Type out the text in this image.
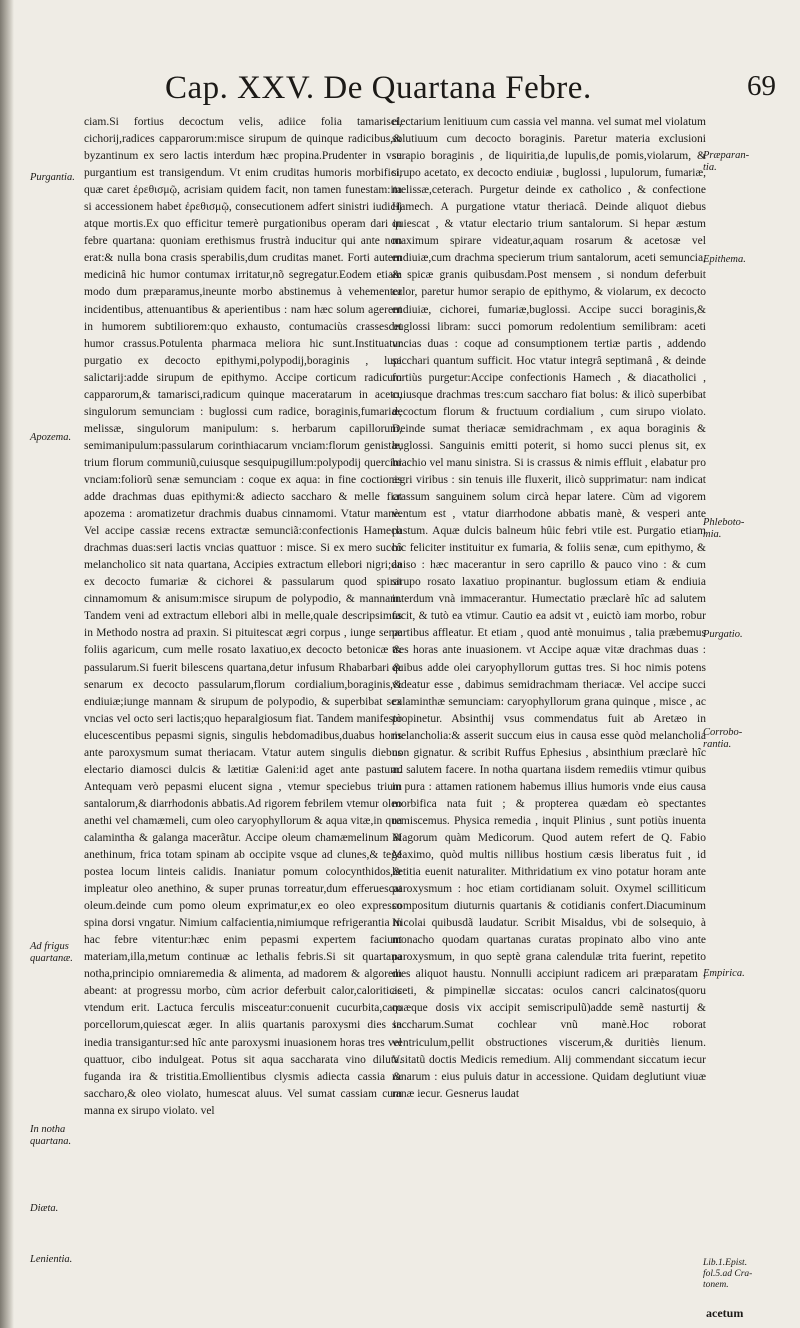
Cap. XXV. De Quartana Febre.	69

ciam.Si fortius decoctum velis, adiice folia tamarisci, cichorij,radices capparorum:misce sirupum de quinque radicibus,& byzantinum ex sero lactis interdum hæc propina.Prudenter in vsu purgantium est transigendum. Vt enim cruditas humoris morbifici, quæ caret ἐρεθισμῷ, acrisiam quidem facit, non tamen funestam:ita si accessionem habet ἐρεθισμῷ, consecutionem adfert sinistri iudicij atque mortis.Ex quo efficitur temerè purgationibus operam dari in febre quartana: quoniam erethismus frustrà inducitur qui ante non erat:& nulla bona crasis sperabilis,dum cruditas manet. Forti autem medicinâ hic humor contumax irritatur,nõ segregatur.Eodem etiam modo dum præparamus,ineunte morbo abstinemus à vehementer incidentibus, attenuantibus & aperientibus : nam hæc solum agerent in humorem subtiliorem:quo exhausto, contumaciùs crassescet humor crassus.Potulenta pharmaca meliora hic sunt.Instituatur purgatio ex decocto epithymi,polypodij,boraginis , lupi salictarij:adde sirupum de epithymo. Accipe corticum radicum capparorum,& tamarisci,radicum quinque maceratarum in aceto, singulorum semunciam : buglossi cum radice, boraginis,fumariæ, melissæ, singulorum manipulum: s. herbarum capillorum, semimanipulum:passularum corinthiacarum vnciam:florum genistæ, trium florum communiũ,cuiusque sesquipugillum:polypodij quercini vnciam:foliorũ senæ semunciam : coque ex aqua: in fine coctionis adde drachmas duas epithymi:& adiecto saccharo & melle fiat apozema : aromatizetur drachmis duabus cinnamomi. Vtatur manè. Vel accipe cassiæ recens extractæ semunciã:confectionis Hamech drachmas duas:seri lactis vncias quattuor : misce. Si ex mero succo melancholico sit nata quartana, Accipies extractum ellebori nigri;da ex decocto fumariæ & cichorei & passularum quod spirat cinnamomum & anisum:misce sirupum de polypodio, & mannam. Tandem veni ad extractum ellebori albi in melle,quale descripsimus in Methodo nostra ad praxin. Si pituitescat ægri corpus , iunge senæ foliis agaricum, cum melle rosato laxatiuo,ex decocto betonicæ & passularum.Si fuerit bilescens quartana,detur infusum Rhabarbari & senarum ex decocto passularum,florum cordialium,boraginis,& endiuiæ;iunge mannam & sirupum de polypodio, & superbibat sex vncias vel octo seri lactis;quo heparalgiosum fiat. Tandem manifestò elucescentibus pepasmi signis, singulis hebdomadibus,duabus horis ante paroxysmum sumat theriacam. Vtatur autem singulis diebus electario diamosci dulcis & lætitiæ Galeni:id aget ante pastum. Antequam verò pepasmi elucent signa , vtemur speciebus trium santalorum,& diarrhodonis abbatis.Ad rigorem febrilem vtemur oleo anethi vel chamæmeli, cum oleo caryophyllorum & aqua vitæ,in qua calamintha & galanga macerãtur. Accipe oleum chamæmelinum & anethinum, frica totam spinam ab occipite vsque ad clunes,& tege postea locum linteis calidis. Inaniatur pomum colocynthidos,& impleatur oleo anethino, & super prunas torreatur,dum efferuescat oleum.deinde cum pomo oleum exprimatur,ex eo oleo expresso spina dorsi vngatur. Nimium calfacientia,nimiumque refrigerantia in hac febre vitentur:hæc enim pepasmi expertem faciunt materiam,illa,metum continuæ ac lethalis febris.Si sit quartana notha,principio omniaremedia & alimenta, ad madorem & algorem abeant: at progressu morbo, cùm acrior deferbuit calor,caloriticis vtendum erit. Lactuca ferculis misceatur:conuenit cucurbita,caro porcellorum,quiescat æger. In aliis quartanis paroxysmi dies in inedia transigantur:sed hîc ante paroxysmi inuasionem horas tres vel quattuor, cibo indulgeat. Potus sit aqua saccharata vino diluta. fuganda ira & tristitia.Emollientibus clysmis adiecta cassia & saccharo,& oleo violato, humescat aluus. Vel sumat cassiam cum manna ex sirupo violato. vel

electarium lenitiuum cum cassia vel manna. vel sumat mel violatum solutiuum cum decocto boraginis. Paretur materia exclusioni serapio boraginis , de liquiritia,de lupulis,de pomis,violarum, & sirupo acetato, ex decocto endiuiæ , buglossi , lupulorum, fumariæ, melissæ,ceterach. Purgetur deinde ex catholico , & confectione Hamech. A purgatione vtatur theriacâ. Deinde aliquot diebus quiescat , & vtatur electario trium santalorum. Si hepar æstum maximum spirare videatur,aquam rosarum & acetosæ vel endiuiæ,cum drachma specierum trium santalorum, aceti semuncia, & spicæ granis quibusdam.Post mensem , si nondum deferbuit calor, paretur humor serapio de epithymo, & violarum, ex decocto endiuiæ, cichorei, fumariæ,buglossi. Accipe succi boraginis,& buglossi libram: succi pomorum redolentium semilibram: aceti vncias duas : coque ad consumptionem tertiæ partis , addendo sacchari quantum sufficit. Hoc vtatur integrâ septimanâ , & deinde fortiùs purgetur:Accipe confectionis Hamech , & diacatholici , cuiusque drachmas tres:cum saccharo fiat bolus: & ilicò superbibat decoctum florum & fructuum cordialium , cum sirupo violato. Deinde sumat theriacæ semidrachmam , ex aqua boraginis & buglossi. Sanguinis emitti poterit, si homo succi plenus sit, ex brachio vel manu sinistra. Si is crassus & nimis effluit , elabatur pro ægri viribus : sin tenuis ille fluxerit, ilicò supprimatur: nam indicat crassum sanguinem solum circà hepar latere. Cùm ad vigorem ventum est , vtatur diarrhodone abbatis manè, & vesperi ante pastum. Aquæ dulcis balneum hûic febri vtile est. Purgatio etiam hîc feliciter instituitur ex fumaria, & foliis senæ, cum epithymo, & aniso : hæc macerantur in sero caprillo & pauco vino : & cum sirupo rosato laxatiuo propinantur. buglossum etiam & endiuia interdum vnà immacerantur. Humectatio præclarè hîc ad salutem facit, & tutò ea vtimur. Cautio ea adsit vt , euictò iam morbo, robur partibus affleatur. Et etiam , quod antè monuimus , talia præbemus tres horas ante inuasionem. vt Accipe aquæ vitæ drachmas duas : quibus adde olei caryophyllorum guttas tres. Si hoc nimis potens videatur esse , dabimus semidrachmam theriacæ. Vel accipe succi calaminthæ semunciam: caryophyllorum grana quinque , misce , ac propinetur. Absinthij vsus commendatus fuit ab Aretæo in melancholia:& asserit succum eius in causa esse quòd melancholia non gignatur. & scribit Ruffus Ephesius , absinthium præclarè hîc ad salutem facere. In notha quartana iisdem remediis vtimur quibus in pura : attamen rationem habemus illius humoris vnde eius causa morbifica nata fuit ; & propterea quædam eò spectantes remiscemus. Physica remedia , inquit Plinius , sunt potiùs inuenta Magorum quàm Medicorum. Quod autem refert de Q. Fabio Maximo, quòd multis nillibus hostium cæsis liberatus fuit , id lætitia euenit naturaliter. Mithridatium ex vino potatur horam ante paroxysmum : hoc etiam cortidianam soluit. Oxymel scilliticum compositum diuturnis quartanis & cotidianis confert.Diacuminum Nicolai quibusdã laudatur. Scribit Misaldus, vbi de solsequio, à monacho quodam quartanas curatas propinato albo vino ante paroxysmum, in quo septè grana calendulæ trita fuerint, repetito dies aliquot haustu. Nonnulli accipiunt radicem ari præparatam , aceti, & pimpinellæ siccatas: oculos cancri calcinatos(quoru quæque dosis vix accipit semiscripulũ)adde semẽ nasturtij & saccharum.Sumat cochlear vnũ manè.Hoc roborat ventriculum,pellit obstructiones viscerum,& duritiès lienum. Vsitatũ doctis Medicis remedium. Alij commendant siccatum iecur ranarum : eius puluis datur in accessione. Quidam deglutiunt viuæ ranæ iecur. Gesnerus laudat

Purgantia.
Apozema.
Ad frigus
quartanæ.
In notha
quartana.
Diæta.
Lenientia.
Præparan-
tia.
Epithema.
Phleboto-
mia.
Purgatio.
Corrobo-
rantia.
Empirica.
Lib.1.Epist.
fol.5.ad Cra-
tonem.
acetum
